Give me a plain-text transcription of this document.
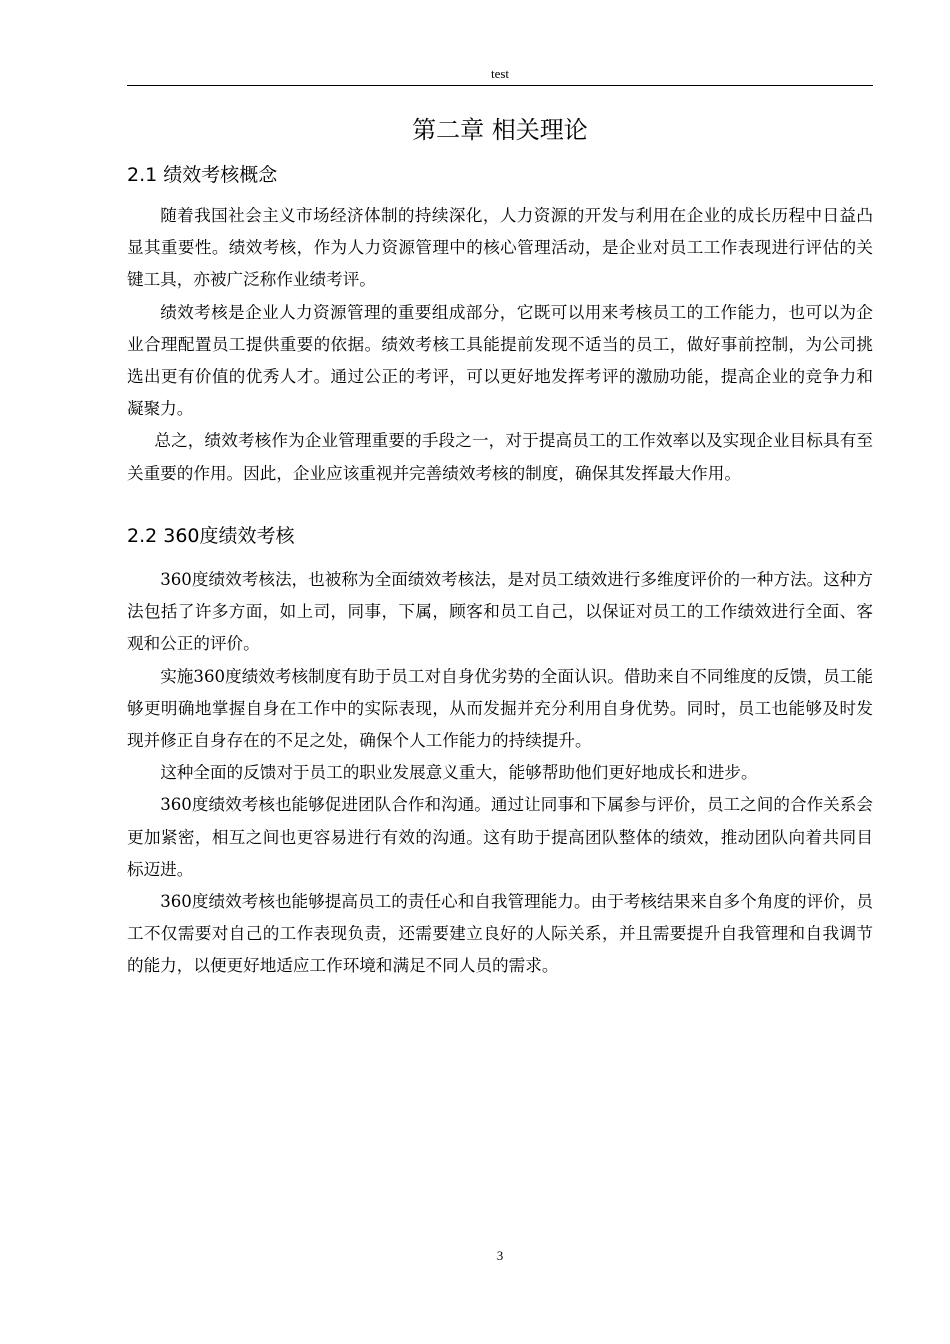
test
第二章 相关理论
2.1 绩效考核概念

随着我国社会主义市场经济体制的持续深化，人力资源的开发与利用在企业的成长历程中日益凸显其重要性。绩效考核，作为人力资源管理中的核心管理活动，是企业对员工工作表现进行评估的关键工具，亦被广泛称作业绩考评。

绩效考核是企业人力资源管理的重要组成部分，它既可以用来考核员工的工作能力，也可以为企业合理配置员工提供重要的依据。绩效考核工具能提前发现不适当的员工，做好事前控制，为公司挑选出更有价值的优秀人才。通过公正的考评，可以更好地发挥考评的激励功能，提高企业的竞争力和凝聚力。

总之，绩效考核作为企业管理重要的手段之一，对于提高员工的工作效率以及实现企业目标具有至关重要的作用。因此，企业应该重视并完善绩效考核的制度，确保其发挥最大作用。

2.2 360度绩效考核

360度绩效考核法，也被称为全面绩效考核法，是对员工绩效进行多维度评价的一种方法。这种方法包括了许多方面，如上司，同事，下属，顾客和员工自己，以保证对员工的工作绩效进行全面、客观和公正的评价。

实施360度绩效考核制度有助于员工对自身优劣势的全面认识。借助来自不同维度的反馈，员工能够更明确地掌握自身在工作中的实际表现，从而发掘并充分利用自身优势。同时，员工也能够及时发现并修正自身存在的不足之处，确保个人工作能力的持续提升。

这种全面的反馈对于员工的职业发展意义重大，能够帮助他们更好地成长和进步。

360度绩效考核也能够促进团队合作和沟通。通过让同事和下属参与评价，员工之间的合作关系会更加紧密，相互之间也更容易进行有效的沟通。这有助于提高团队整体的绩效，推动团队向着共同目标迈进。

360度绩效考核也能够提高员工的责任心和自我管理能力。由于考核结果来自多个角度的评价，员工不仅需要对自己的工作表现负责，还需要建立良好的人际关系，并且需要提升自我管理和自我调节的能力，以便更好地适应工作环境和满足不同人员的需求。

3
